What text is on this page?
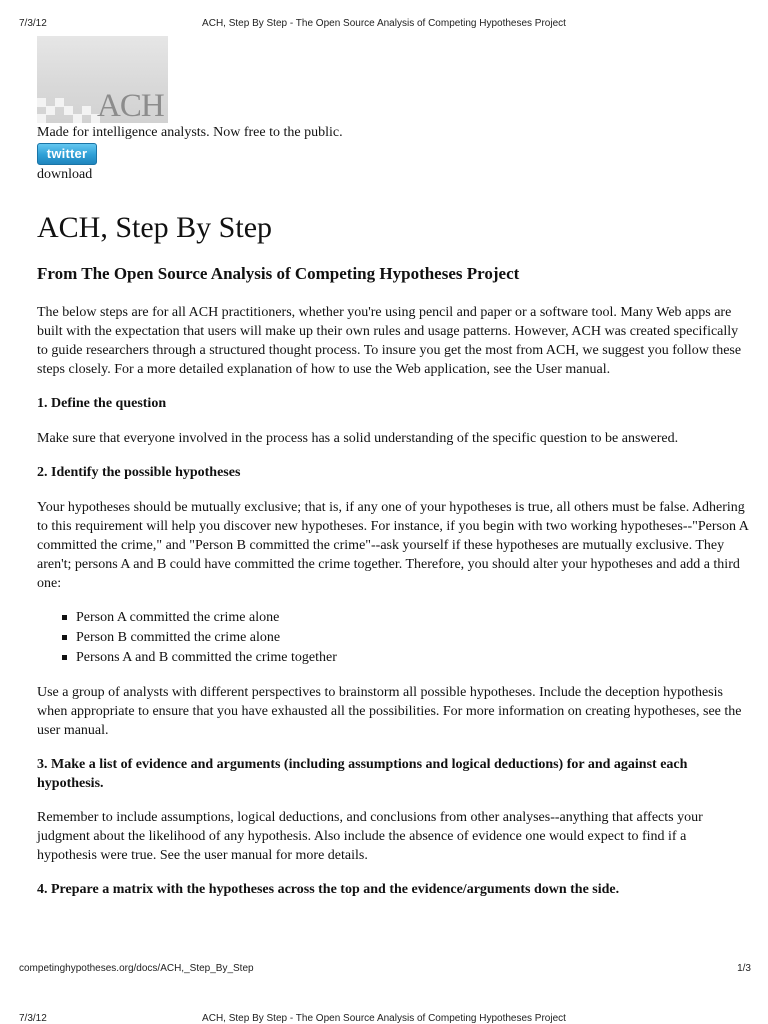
7/3/12	ACH, Step By Step - The Open Source Analysis of Competing Hypotheses Project
ACH
Made for intelligence analysts. Now free to the public.
twitter
download
ACH, Step By Step
From The Open Source Analysis of Competing Hypotheses Project

The below steps are for all ACH practitioners, whether you're using pencil and paper or a software tool. Many Web apps are built with the expectation that users will make up their own rules and usage patterns. However, ACH was created specifically to guide researchers through a structured thought process. To insure you get the most from ACH, we suggest you follow these steps closely. For a more detailed explanation of how to use the Web application, see the User manual.

1. Define the question

Make sure that everyone involved in the process has a solid understanding of the specific question to be answered.

2. Identify the possible hypotheses

Your hypotheses should be mutually exclusive; that is, if any one of your hypotheses is true, all others must be false. Adhering to this requirement will help you discover new hypotheses. For instance, if you begin with two working hypotheses--"Person A committed the crime," and "Person B committed the crime"--ask yourself if these hypotheses are mutually exclusive. They aren't; persons A and B could have committed the crime together. Therefore, you should alter your hypotheses and add a third one:

Person A committed the crime alone
Person B committed the crime alone
Persons A and B committed the crime together

Use a group of analysts with different perspectives to brainstorm all possible hypotheses. Include the deception hypothesis when appropriate to ensure that you have exhausted all the possibilities. For more information on creating hypotheses, see the user manual.

3. Make a list of evidence and arguments (including assumptions and logical deductions) for and against each hypothesis.

Remember to include assumptions, logical deductions, and conclusions from other analyses--anything that affects your judgment about the likelihood of any hypothesis. Also include the absence of evidence one would expect to find if a hypothesis were true. See the user manual for more details.

4. Prepare a matrix with the hypotheses across the top and the evidence/arguments down the side.
competinghypotheses.org/docs/ACH,_Step_By_Step	1/3
7/3/12	ACH, Step By Step - The Open Source Analysis of Competing Hypotheses Project
